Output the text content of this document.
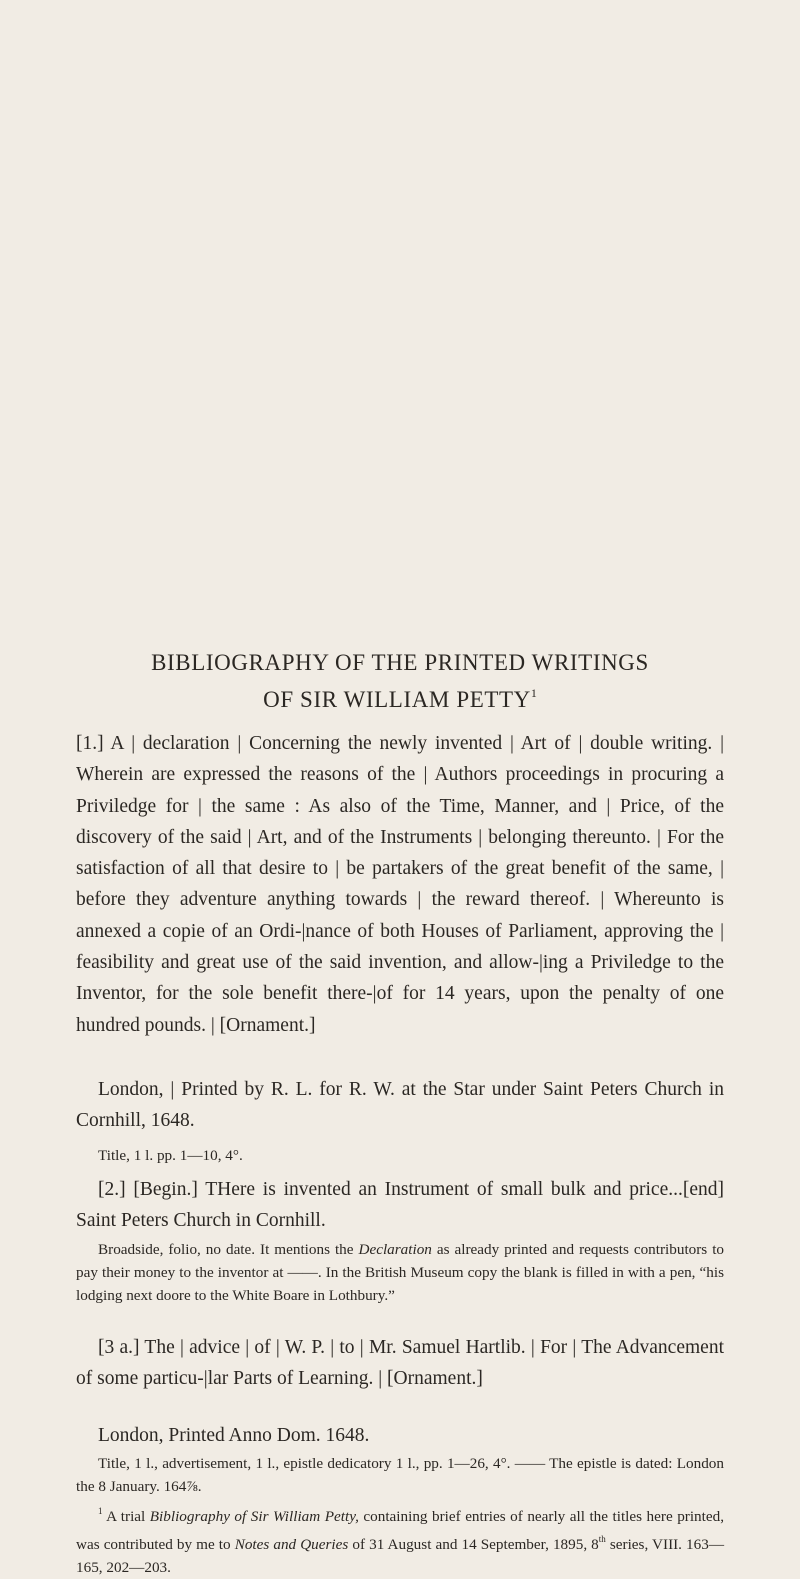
BIBLIOGRAPHY OF THE PRINTED WRITINGS
OF SIR WILLIAM PETTY$^1$
[1.] A | declaration | Concerning the newly invented | Art of | double writing. | Wherein are expressed the reasons of the | Authors proceedings in procuring a Priviledge for | the same : As also of the Time, Manner, and | Price, of the discovery of the said | Art, and of the Instruments | belonging thereunto. | For the satisfaction of all that desire to | be partakers of the great benefit of the same, | before they adventure anything towards | the reward thereof. | Whereunto is annexed a copie of an Ordi-|nance of both Houses of Parliament, approving the | feasibility and great use of the said invention, and allow-|ing a Priviledge to the Inventor, for the sole benefit there-|of for 14 years, upon the penalty of one hundred pounds. | [Ornament.]
London, | Printed by R. L. for R. W. at the Star under Saint Peters Church in Cornhill, 1648.
Title, 1 l. pp. 1—10, 4°.
[2.] [Begin.] THere is invented an Instrument of small bulk and price...[end] Saint Peters Church in Cornhill.
Broadside, folio, no date. It mentions the Declaration as already printed and requests contributors to pay their money to the inventor at ——. In the British Museum copy the blank is filled in with a pen, “his lodging next doore to the White Boare in Lothbury.”
[3 a.] The | advice | of | W. P. | to | Mr. Samuel Hartlib. | For | The Advancement of some particu-|lar Parts of Learning. | [Ornament.]
London, Printed Anno Dom. 1648.
Title, 1 l., advertisement, 1 l., epistle dedicatory 1 l., pp. 1—26, 4°. —— The epistle is dated: London the 8 January. 164⅞.
$^1$ A trial Bibliography of Sir William Petty, containing brief entries of nearly all the titles here printed, was contributed by me to Notes and Queries of 31 August and 14 September, 1895, 8th series, VIII. 163—165, 202—203.
